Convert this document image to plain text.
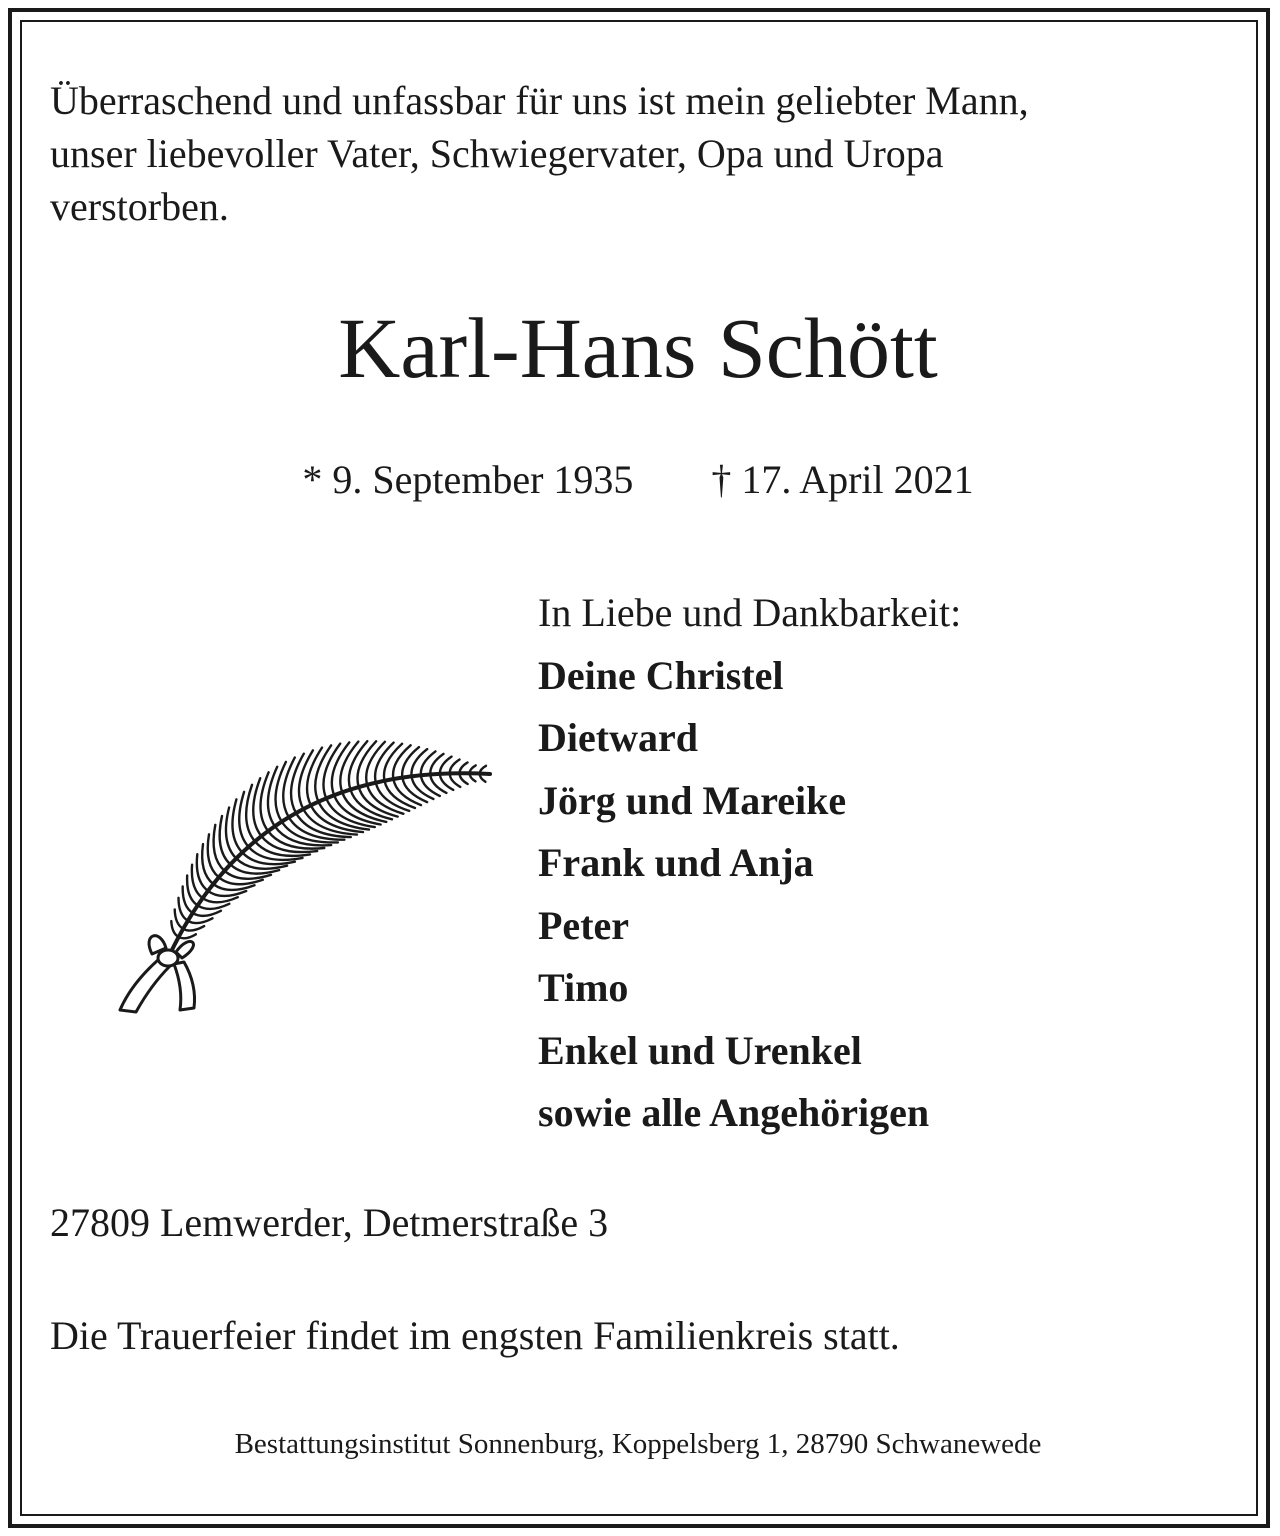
Überraschend und unfassbar für uns ist mein geliebter Mann,
unser liebevoller Vater, Schwiegervater, Opa und Uropa
verstorben.

Karl-Hans Schött
* 9. September 1935 † 17. April 2021
In Liebe und Dankbarkeit:
Deine Christel
Dietward
Jörg und Mareike
Frank und Anja
Peter
Timo
Enkel und Urenkel
sowie alle Angehörigen
27809 Lemwerder, Detmerstraße 3
Die Trauerfeier findet im engsten Familienkreis statt.
Bestattungsinstitut Sonnenburg, Koppelsberg 1, 28790 Schwanewede
